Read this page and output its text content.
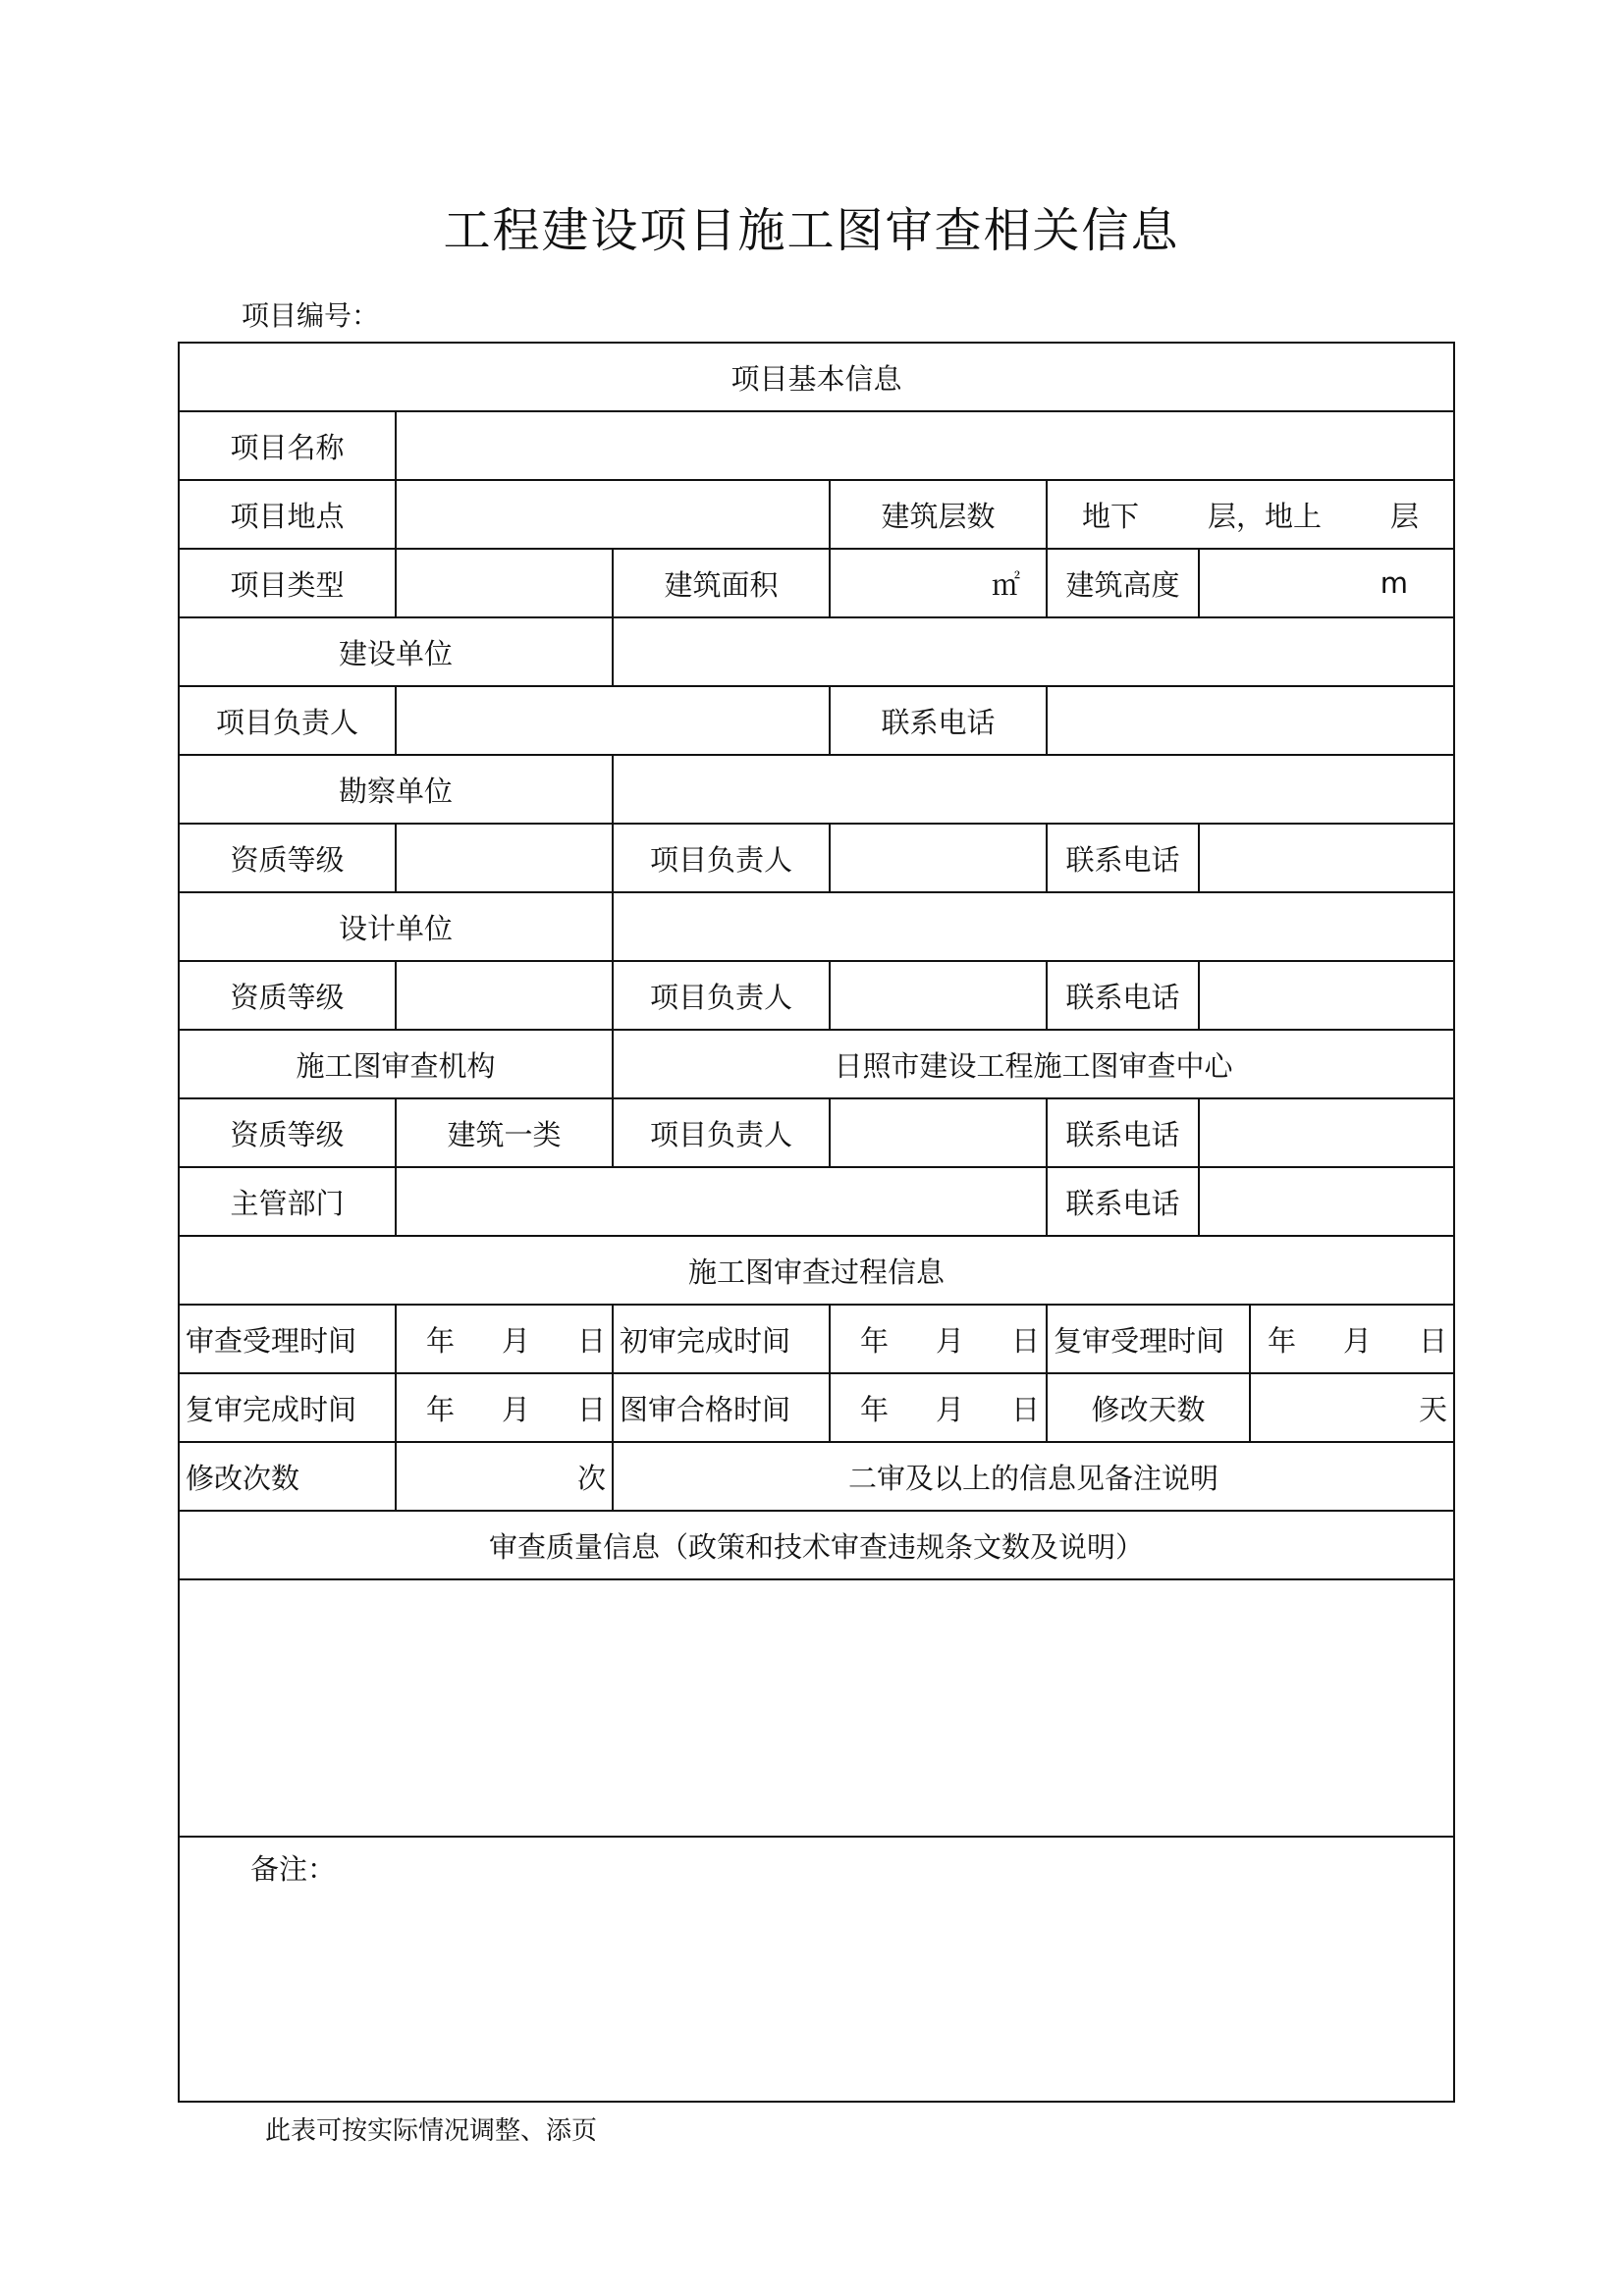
工程建设项目施工图审查相关信息
项目编号：
项目基本信息						
项目名称						
项目地点			建筑层数	地下 层，地上 层		
项目类型		建筑面积	㎡	建筑高度	m	
建设单位						
项目负责人			联系电话			
勘察单位						
资质等级		项目负责人		联系电话		
设计单位						
资质等级		项目负责人		联系电话		
施工图审查机构		日照市建设工程施工图审查中心				
资质等级	建筑一类	项目负责人		联系电话		
主管部门				联系电话		
施工图审查过程信息						
审查受理时间	年 月 日	初审完成时间	年 月 日	复审受理时间		年 月 日
复审完成时间	年 月 日	图审合格时间	年 月 日	修改天数		天
修改次数	次	二审及以上的信息见备注说明				
审查质量信息（政策和技术审查违规条文数及说明）						

备注：						
此表可按实际情况调整、添页
